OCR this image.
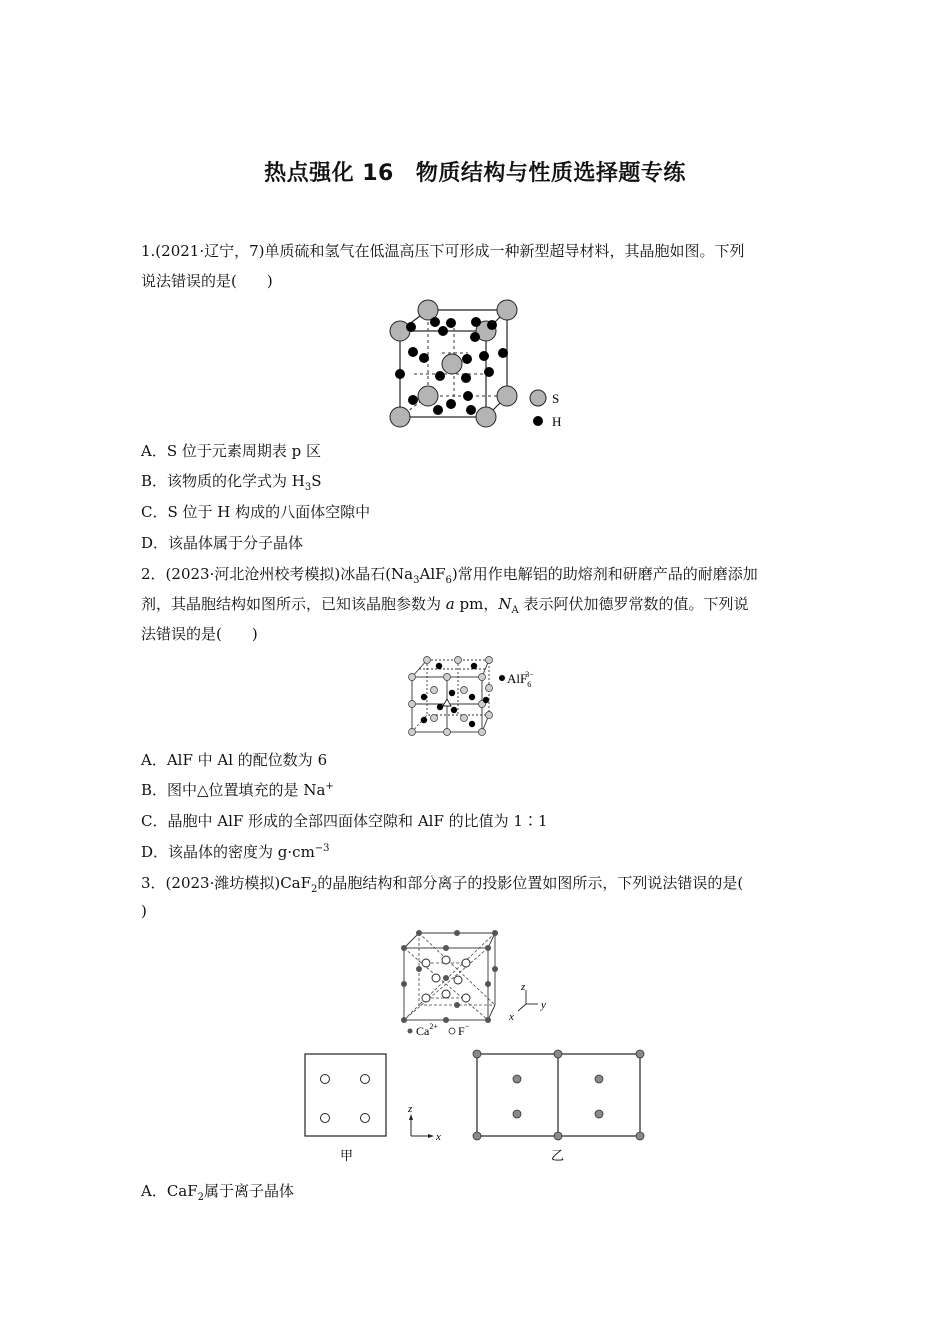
热点强化 16 物质结构与性质选择题专练
1.(2021·辽宁，7)单质硫和氢气在低温高压下可形成一种新型超导材料，其晶胞如图。下列
说法错误的是(　　)
S
H
A．S 位于元素周期表 p 区
B．该物质的化学式为 $H_3S$
C．S 位于 H 构成的八面体空隙中
D．该晶体属于分子晶体
2．(2023·河北沧州校考模拟)冰晶石$(Na_3AlF_6)$常用作电解铝的助熔剂和研磨产品的耐磨添加
剂，其晶胞结构如图所示，已知该晶胞参数为 a pm，$N_A$ 表示阿伏加德罗常数的值。下列说
法错误的是(　　)
AlF$_6$3−
A．AlF 中 Al 的配位数为 6
B．图中△位置填充的是 Na+
C．晶胞中 AlF 形成的全部四面体空隙和 AlF 的比值为 1∶1
D．该晶体的密度为 $g\cdot cm^{-3}$
3．(2023·潍坊模拟)CaF$_2$的晶胞结构和部分离子的投影位置如图所示，下列说法错误的是(
)
z
y
x
$Ca^{2+}$ F−
甲
z
x
乙
A．CaF$_2$属于离子晶体
